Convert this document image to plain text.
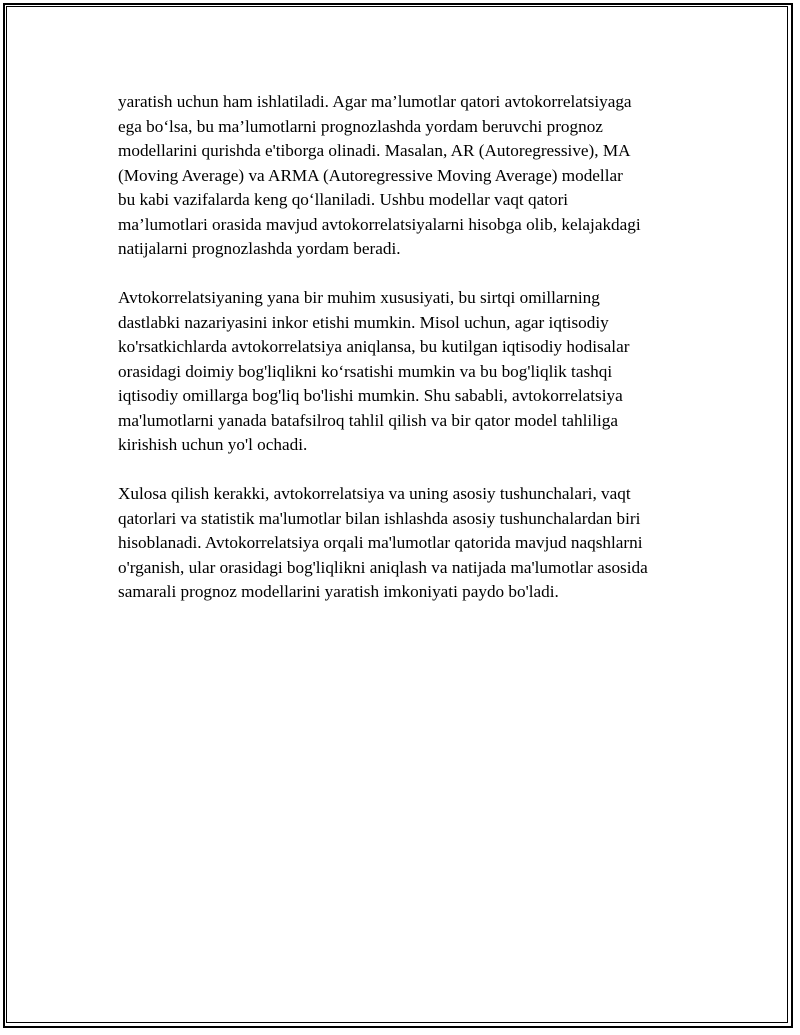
yaratish uchun ham ishlatiladi. Agar ma’lumotlar qatori avtokorrelatsiyaga
ega bo‘lsa, bu ma’lumotlarni prognozlashda yordam beruvchi prognoz
modellarini qurishda e'tiborga olinadi. Masalan, AR (Autoregressive), MA
(Moving Average) va ARMA (Autoregressive Moving Average) modellar
bu kabi vazifalarda keng qo‘llaniladi. Ushbu modellar vaqt qatori
ma’lumotlari orasida mavjud avtokorrelatsiyalarni hisobga olib, kelajakdagi
natijalarni prognozlashda yordam beradi.

Avtokorrelatsiyaning yana bir muhim xususiyati, bu sirtqi omillarning
dastlabki nazariyasini inkor etishi mumkin. Misol uchun, agar iqtisodiy
ko'rsatkichlarda avtokorrelatsiya aniqlansa, bu kutilgan iqtisodiy hodisalar
orasidagi doimiy bog'liqlikni ko‘rsatishi mumkin va bu bog'liqlik tashqi
iqtisodiy omillarga bog'liq bo'lishi mumkin. Shu sababli, avtokorrelatsiya
ma'lumotlarni yanada batafsilroq tahlil qilish va bir qator model tahliliga
kirishish uchun yo'l ochadi.

Xulosa qilish kerakki, avtokorrelatsiya va uning asosiy tushunchalari, vaqt
qatorlari va statistik ma'lumotlar bilan ishlashda asosiy tushunchalardan biri
hisoblanadi. Avtokorrelatsiya orqali ma'lumotlar qatorida mavjud naqshlarni
o'rganish, ular orasidagi bog'liqlikni aniqlash va natijada ma'lumotlar asosida
samarali prognoz modellarini yaratish imkoniyati paydo bo'ladi.
